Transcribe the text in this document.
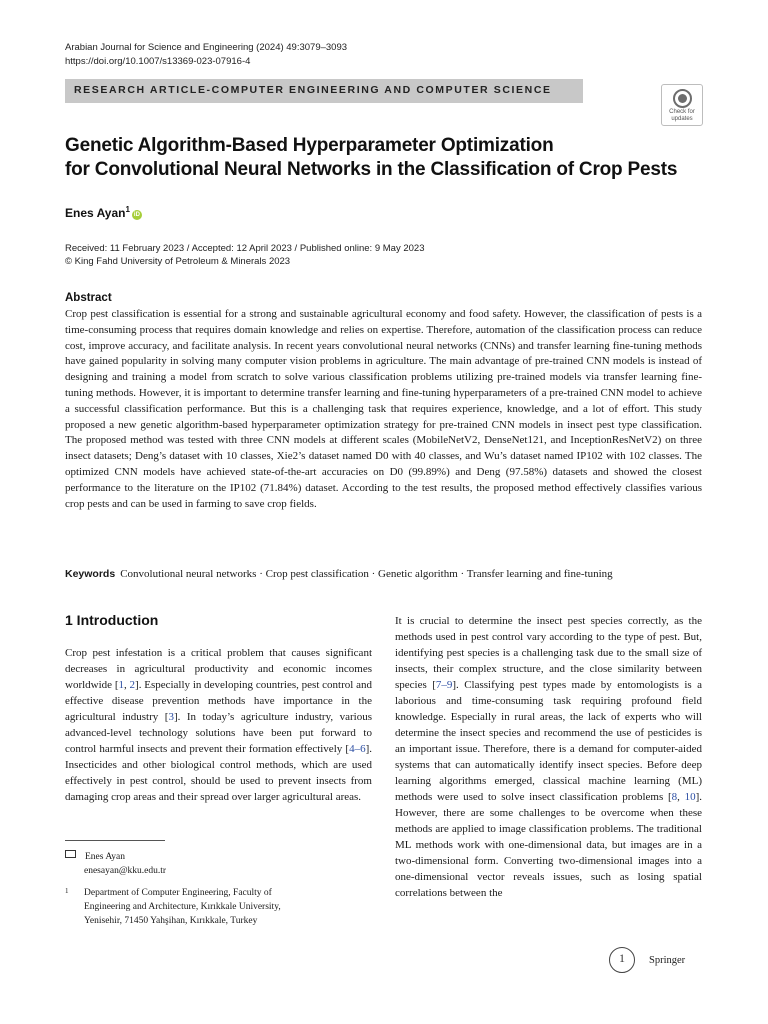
Arabian Journal for Science and Engineering (2024) 49:3079–3093
https://doi.org/10.1007/s13369-023-07916-4
RESEARCH ARTICLE-COMPUTER ENGINEERING AND COMPUTER SCIENCE
Check for
updates
Genetic Algorithm-Based Hyperparameter Optimization
for Convolutional Neural Networks in the Classification of Crop Pests
Enes Ayan$^1$iD
Received: 11 February 2023 / Accepted: 12 April 2023 / Published online: 9 May 2023
© King Fahd University of Petroleum & Minerals 2023
Abstract
Crop pest classification is essential for a strong and sustainable agricultural economy and food safety. However, the classification of pests is a time-consuming process that requires domain knowledge and relies on expertise. Therefore, automation of the classification process can reduce cost, improve accuracy, and facilitate analysis. In recent years convolutional neural networks (CNNs) and transfer learning fine-tuning methods have gained popularity in solving many computer vision problems in agriculture. The main advantage of pre-trained CNN models is instead of designing and training a model from scratch to solve various classification problems utilizing pre-trained models via transfer learning fine-tuning methods. However, it is important to determine transfer learning and fine-tuning hyperparameters of a pre-trained CNN model to achieve a successful classification performance. But this is a challenging task that requires experience, knowledge, and a lot of effort. This study proposed a new genetic algorithm-based hyperparameter optimization strategy for pre-trained CNN models in insect pest type classification. The proposed method was tested with three CNN models at different scales (MobileNetV2, DenseNet121, and InceptionResNetV2) on three insect datasets; Deng’s dataset with 10 classes, Xie2’s dataset named D0 with 40 classes, and Wu’s dataset named IP102 with 102 classes. The optimized CNN models have achieved state-of-the-art accuracies on D0 (99.89%) and Deng (97.58%) datasets and showed the closest performance to the literature on the IP102 (71.84%) dataset. According to the test results, the proposed method effectively classifies various crop pests and can be used in farming to save crop fields.
Keywords Convolutional neural networks · Crop pest classification · Genetic algorithm · Transfer learning and fine-tuning
1 Introduction
Crop pest infestation is a critical problem that causes significant decreases in agricultural productivity and economic incomes worldwide [1, 2]. Especially in developing countries, pest control and effective disease prevention methods have importance in the agricultural industry [3]. In today’s agriculture industry, various advanced-level technology solutions have been put forward to control harmful insects and prevent their formation effectively [4–6]. Insecticides and other biological control methods, which are used effectively in pest control, should be used to prevent insects from damaging crop areas and their spread over larger agricultural areas.
It is crucial to determine the insect pest species correctly, as the methods used in pest control vary according to the type of pest. But, identifying pest species is a challenging task due to the small size of insects, their complex structure, and the close similarity between species [7–9]. Classifying pest types made by entomologists is a laborious and time-consuming task requiring profound field knowledge. Especially in rural areas, the lack of experts who will determine the insect species and recommend the use of pesticides is an important issue. Therefore, there is a demand for computer-aided systems that can automatically identify insect species. Before deep learning algorithms emerged, classical machine learning (ML) methods were used to solve insect classification problems [8, 10]. However, there are some challenges to be overcome when these methods are applied to image classification problems. The traditional ML methods work with one-dimensional data, but images are in a two-dimensional form. Converting two-dimensional images into a one-dimensional vector reveals issues, such as losing spatial correlations between the
Enes Ayan
enesayan@kku.edu.tr
1 Department of Computer Engineering, Faculty of
Engineering and Architecture, Kırıkkale University,
Yenisehir, 71450 Yahşihan, Kırıkkale, Turkey
1
Springer
